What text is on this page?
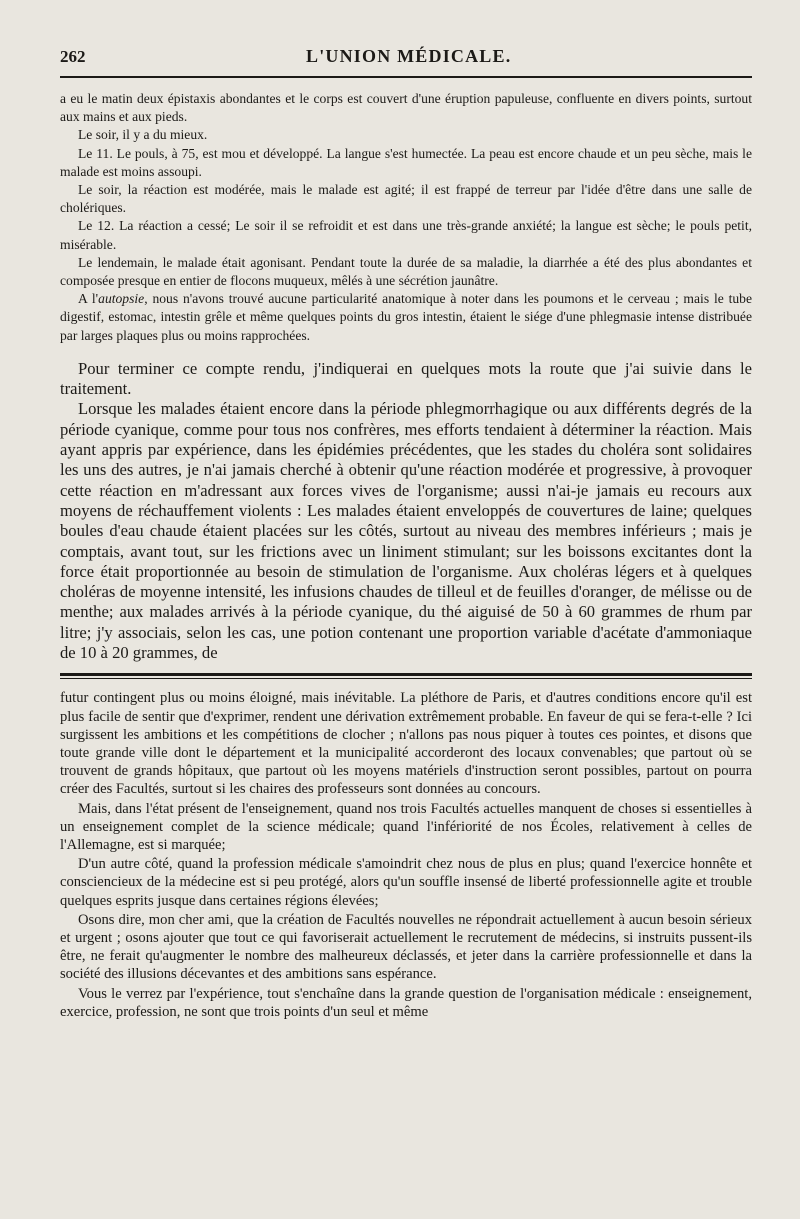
262	L'UNION MÉDICALE.

a eu le matin deux épistaxis abondantes et le corps est couvert d'une éruption papuleuse, confluente en divers points, surtout aux mains et aux pieds.

Le soir, il y a du mieux.

Le 11. Le pouls, à 75, est mou et développé. La langue s'est humectée. La peau est encore chaude et un peu sèche, mais le malade est moins assoupi.

Le soir, la réaction est modérée, mais le malade est agité; il est frappé de terreur par l'idée d'être dans une salle de cholériques.

Le 12. La réaction a cessé; Le soir il se refroidit et est dans une très-grande anxiété; la langue est sèche; le pouls petit, misérable.

Le lendemain, le malade était agonisant. Pendant toute la durée de sa maladie, la diarrhée a été des plus abondantes et composée presque en entier de flocons muqueux, mêlés à une sécrétion jaunâtre.

A l'autopsie, nous n'avons trouvé aucune particularité anatomique à noter dans les poumons et le cerveau ; mais le tube digestif, estomac, intestin grêle et même quelques points du gros intestin, étaient le siége d'une phlegmasie intense distribuée par larges plaques plus ou moins rapprochées.

Pour terminer ce compte rendu, j'indiquerai en quelques mots la route que j'ai suivie dans le traitement.

Lorsque les malades étaient encore dans la période phlegmorrhagique ou aux différents degrés de la période cyanique, comme pour tous nos confrères, mes efforts tendaient à déterminer la réaction. Mais ayant appris par expérience, dans les épidémies précédentes, que les stades du choléra sont solidaires les uns des autres, je n'ai jamais cherché à obtenir qu'une réaction modérée et progressive, à provoquer cette réaction en m'adressant aux forces vives de l'organisme; aussi n'ai-je jamais eu recours aux moyens de réchauffement violents : Les malades étaient enveloppés de couvertures de laine; quelques boules d'eau chaude étaient placées sur les côtés, surtout au niveau des membres inférieurs ; mais je comptais, avant tout, sur les frictions avec un liniment stimulant; sur les boissons excitantes dont la force était proportionnée au besoin de stimulation de l'organisme. Aux choléras légers et à quelques choléras de moyenne intensité, les infusions chaudes de tilleul et de feuilles d'oranger, de mélisse ou de menthe; aux malades arrivés à la période cyanique, du thé aiguisé de 50 à 60 grammes de rhum par litre; j'y associais, selon les cas, une potion contenant une proportion variable d'acétate d'ammoniaque de 10 à 20 grammes, de

futur contingent plus ou moins éloigné, mais inévitable. La pléthore de Paris, et d'autres conditions encore qu'il est plus facile de sentir que d'exprimer, rendent une dérivation extrêmement probable. En faveur de qui se fera-t-elle ? Ici surgissent les ambitions et les compétitions de clocher ; n'allons pas nous piquer à toutes ces pointes, et disons que toute grande ville dont le département et la municipalité accorderont des locaux convenables; que partout où se trouvent de grands hôpitaux, que partout où les moyens matériels d'instruction seront possibles, partout on pourra créer des Facultés, surtout si les chaires des professeurs sont données au concours.

Mais, dans l'état présent de l'enseignement, quand nos trois Facultés actuelles manquent de choses si essentielles à un enseignement complet de la science médicale; quand l'infériorité de nos Écoles, relativement à celles de l'Allemagne, est si marquée;

D'un autre côté, quand la profession médicale s'amoindrit chez nous de plus en plus; quand l'exercice honnête et consciencieux de la médecine est si peu protégé, alors qu'un souffle insensé de liberté professionnelle agite et trouble quelques esprits jusque dans certaines régions élevées;

Osons dire, mon cher ami, que la création de Facultés nouvelles ne répondrait actuellement à aucun besoin sérieux et urgent ; osons ajouter que tout ce qui favoriserait actuellement le recrutement de médecins, si instruits pussent-ils être, ne ferait qu'augmenter le nombre des malheureux déclassés, et jeter dans la carrière professionnelle et dans la société des illusions décevantes et des ambitions sans espérance.

Vous le verrez par l'expérience, tout s'enchaîne dans la grande question de l'organisation médicale : enseignement, exercice, profession, ne sont que trois points d'un seul et même
